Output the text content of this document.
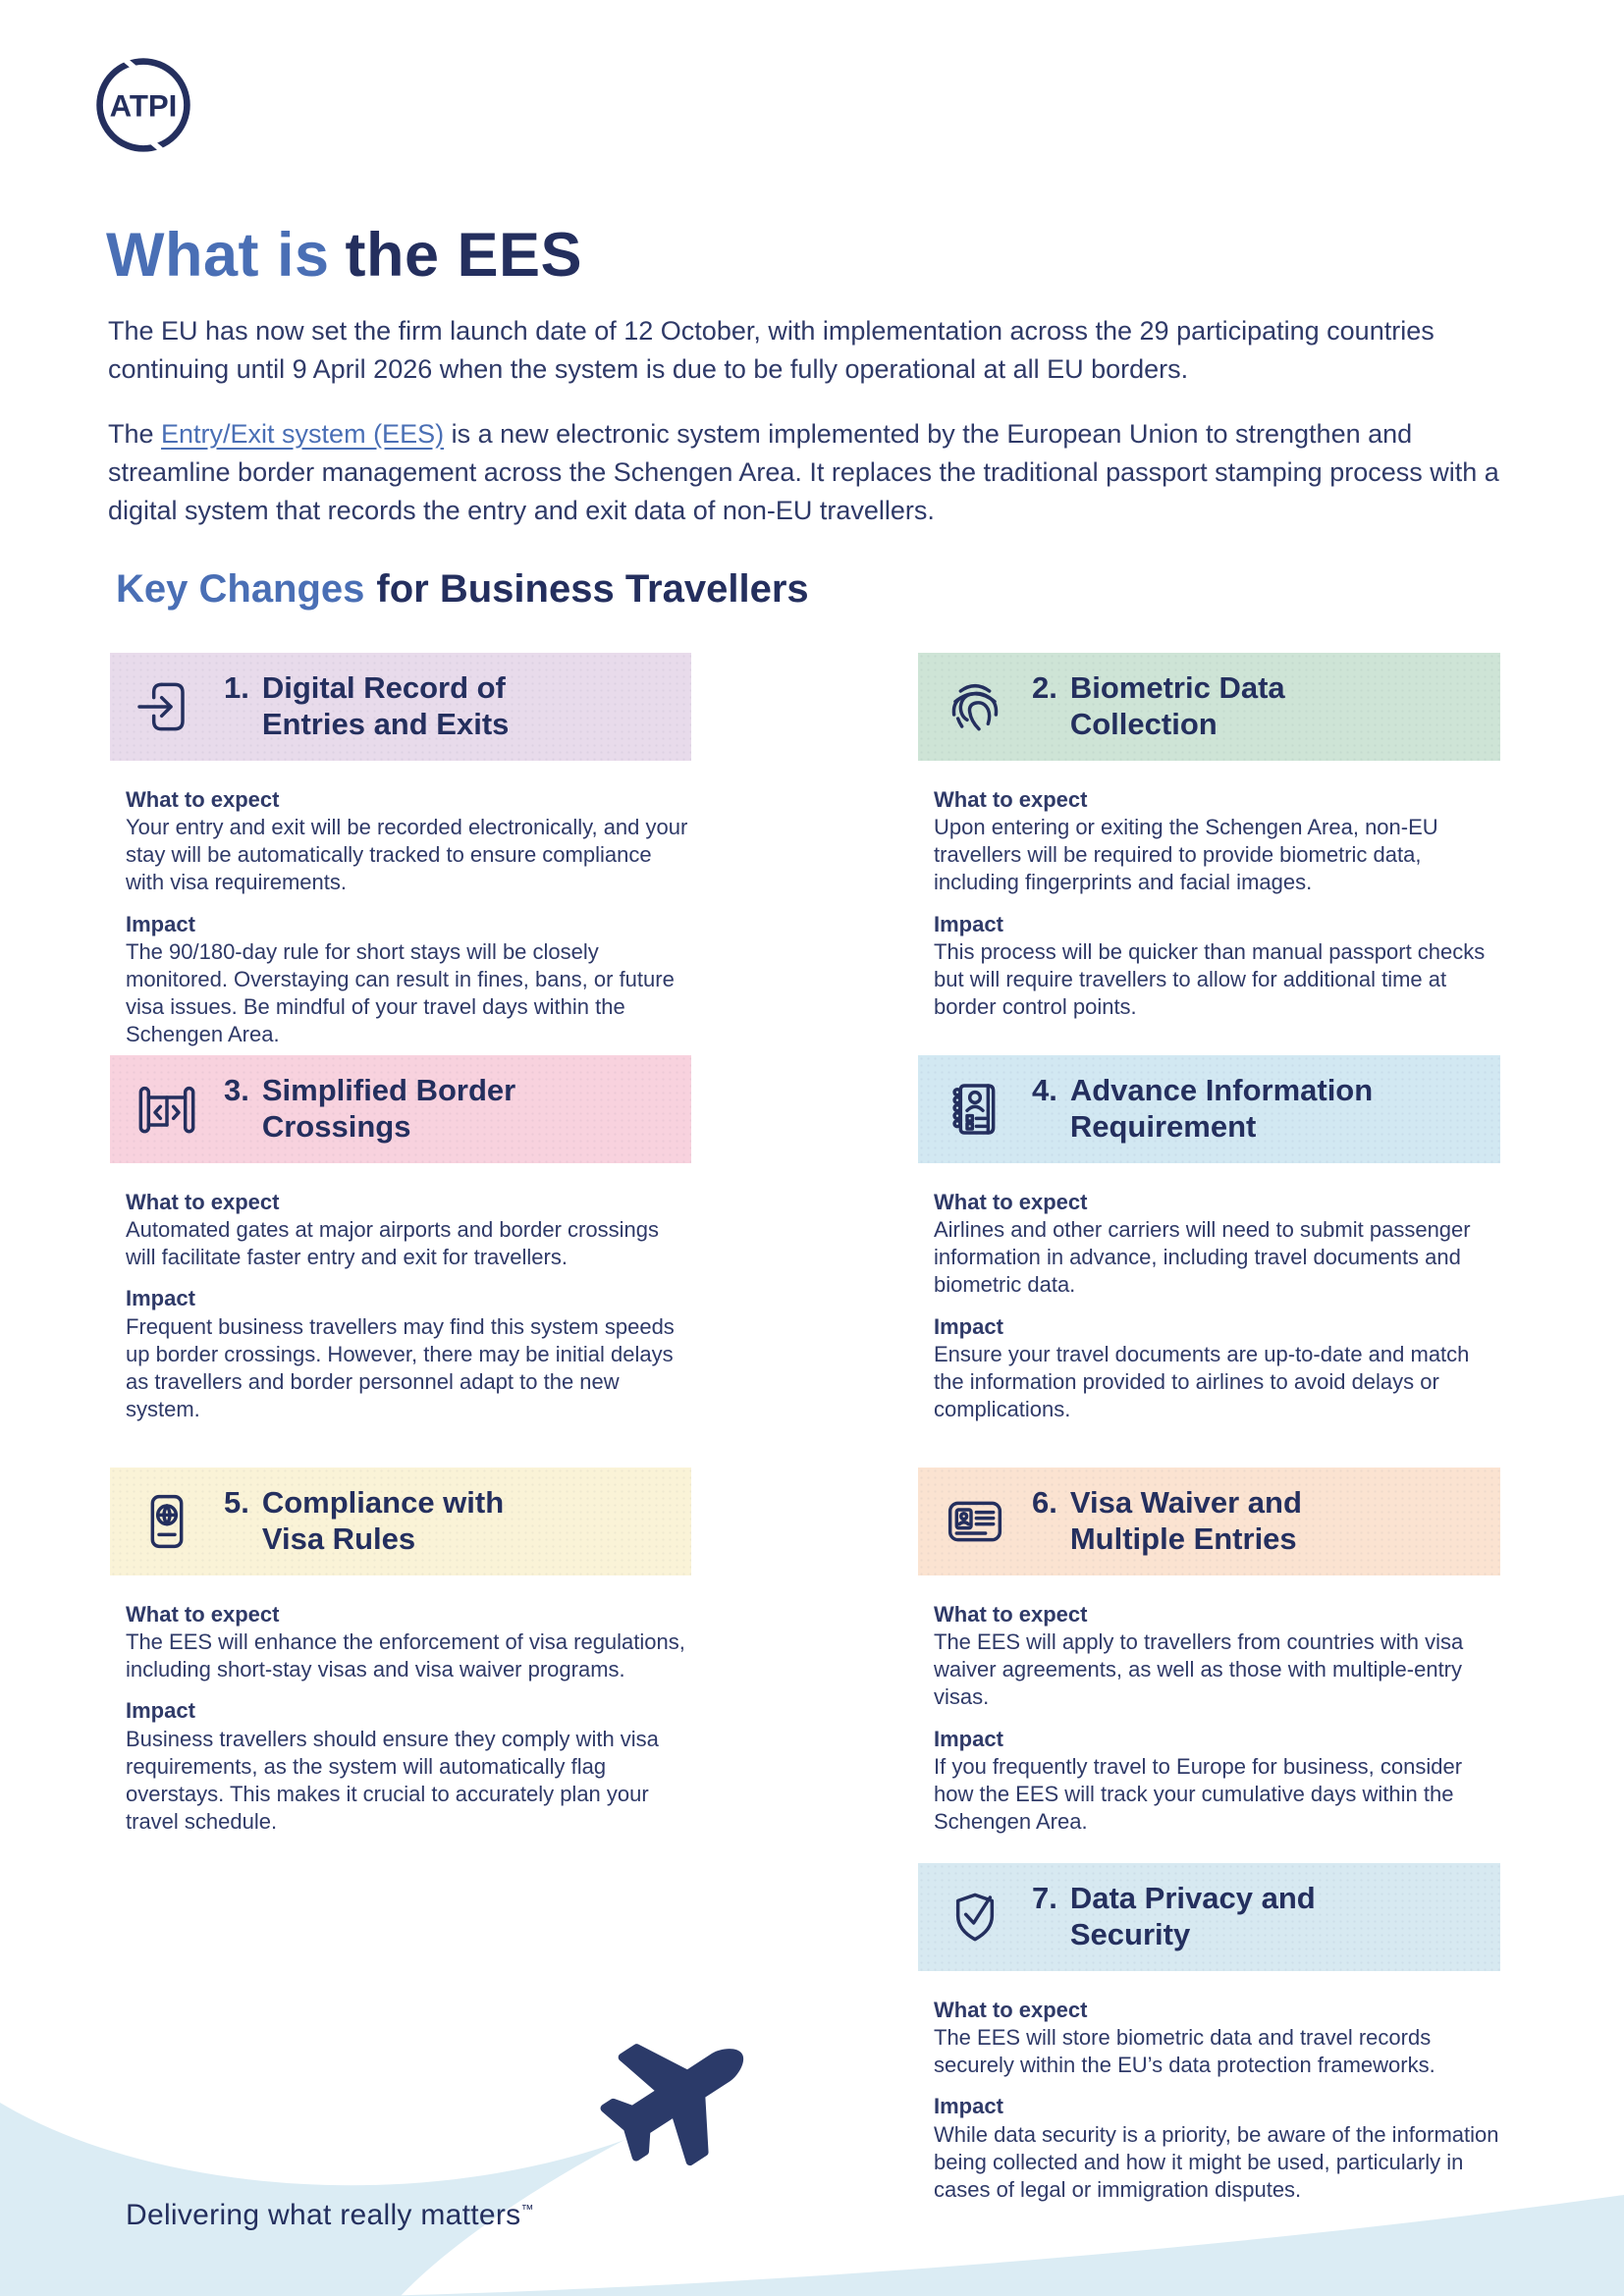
ATPI
What is the EES

The EU has now set the firm launch date of 12 October, with implementation across the 29 participating countries continuing until 9 April 2026 when the system is due to be fully operational at all EU borders.

The Entry/Exit system (EES) is a new electronic system implemented by the European Union to strengthen and streamline border management across the Schengen Area. It replaces the traditional passport stamping process with a digital system that records the entry and exit data of non-EU travellers.

Key Changes for Business Travellers
1. Digital Record of
Entries and Exits

What to expect

Your entry and exit will be recorded electronically, and your stay will be automatically tracked to ensure compliance with visa requirements.

Impact

The 90/180-day rule for short stays will be closely monitored. Overstaying can result in fines, bans, or future visa issues. Be mindful of your travel days within the Schengen Area.

3. Simplified Border
Crossings

What to expect

Automated gates at major airports and border crossings will facilitate faster entry and exit for travellers.

Impact

Frequent business travellers may find this system speeds up border crossings. However, there may be initial delays as travellers and border personnel adapt to the new system.

5. Compliance with
Visa Rules

What to expect

The EES will enhance the enforcement of visa regulations, including short-stay visas and visa waiver programs.

Impact

Business travellers should ensure they comply with visa requirements, as the system will automatically flag overstays. This makes it crucial to accurately plan your travel schedule.

2. Biometric Data
Collection

What to expect

Upon entering or exiting the Schengen Area, non-EU travellers will be required to provide biometric data, including fingerprints and facial images.

Impact

This process will be quicker than manual passport checks but will require travellers to allow for additional time at border control points.

4. Advance Information
Requirement

What to expect

Airlines and other carriers will need to submit passenger information in advance, including travel documents and biometric data.

Impact

Ensure your travel documents are up-to-date and match the information provided to airlines to avoid delays or complications.

6. Visa Waiver and
Multiple Entries

What to expect

The EES will apply to travellers from countries with visa waiver agreements, as well as those with multiple-entry visas.

Impact

If you frequently travel to Europe for business, consider how the EES will track your cumulative days within the Schengen Area.

7. Data Privacy and
Security

What to expect

The EES will store biometric data and travel records securely within the EU’s data protection frameworks.

Impact

While data security is a priority, be aware of the information being collected and how it might be used, particularly in cases of legal or immigration disputes.

Delivering what really matters™
